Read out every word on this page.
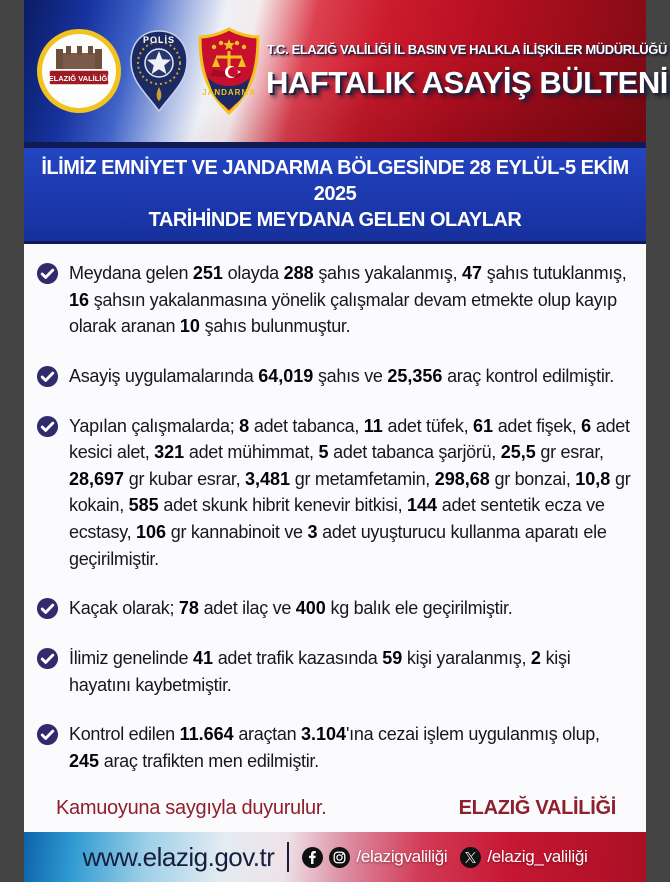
ELAZIĞ VALİLİĞİ
POLİS
JANDARMA
T.C. ELAZIĞ VALİLİĞİ İL BASIN VE HALKLA İLİŞKİLER MÜDÜRLÜĞÜ
HAFTALIK ASAYİŞ BÜLTENİ
İLİMİZ EMNİYET VE JANDARMA BÖLGESİNDE 28 EYLÜL-5 EKİM 2025
TARİHİNDE MEYDANA GELEN OLAYLAR

Meydana gelen 251 olayda 288 şahıs yakalanmış, 47 şahıs tutuklanmış, 16 şahsın yakalanmasına yönelik çalışmalar devam etmekte olup kayıp olarak aranan 10 şahıs bulunmuştur.

Asayiş uygulamalarında 64,019 şahıs ve 25,356 araç kontrol edilmiştir.

Yapılan çalışmalarda; 8 adet tabanca, 11 adet tüfek, 61 adet fişek, 6 adet kesici alet, 321 adet mühimmat, 5 adet tabanca şarjörü, 25,5 gr esrar, 28,697 gr kubar esrar, 3,481 gr metamfetamin, 298,68 gr bonzai, 10,8 gr kokain, 585 adet skunk hibrit kenevir bitkisi, 144 adet sentetik ecza ve ecstasy, 106 gr kannabinoit ve 3 adet uyuşturucu kullanma aparatı ele geçirilmiştir.

Kaçak olarak; 78 adet ilaç ve 400 kg balık ele geçirilmiştir.

İlimiz genelinde 41 adet trafik kazasında 59 kişi yaralanmış, 2 kişi hayatını kaybetmiştir.

Kontrol edilen 11.664 araçtan 3.104'ına cezai işlem uygulanmış olup, 245 araç trafikten men edilmiştir.

Kamuoyuna saygıyla duyurulur.	ELAZIĞ VALİLİĞİ
www.elazig.gov.tr	/elazigvaliliği /elazig_valiliği
